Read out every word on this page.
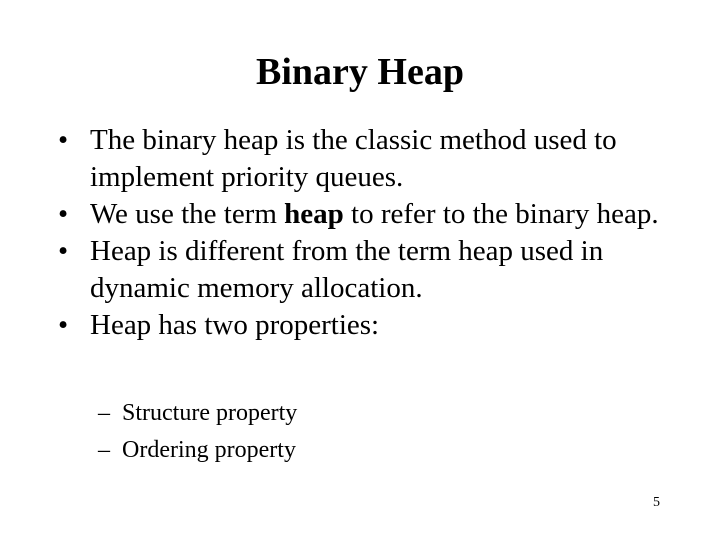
Binary Heap
• The binary heap is the classic method used to implement priority queues.
• We use the term heap to refer to the binary heap.
• Heap is different from the term heap used in dynamic memory allocation.
• Heap has two properties:
– Structure property
– Ordering property
5
